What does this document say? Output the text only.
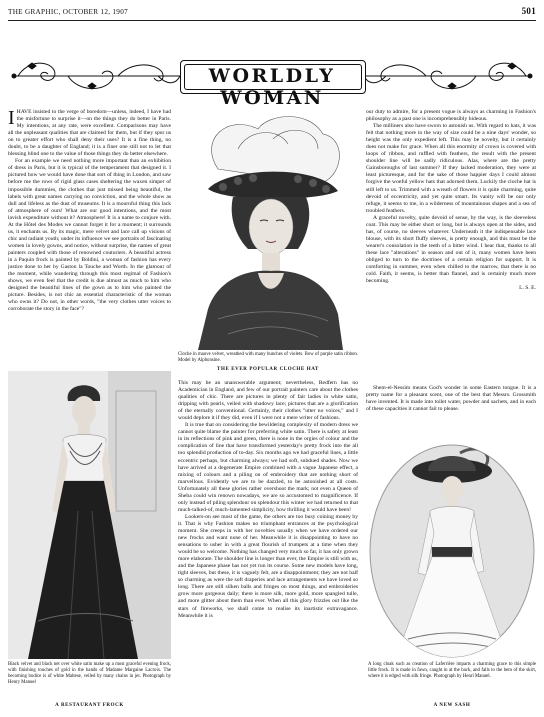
THE GRAPHIC, OCTOBER 12, 1907	501
WORLDLY WOMAN

IHAVE insisted to the verge of boredom—unless, indeed, I have had the misfortune to surprise it—on the things they do better in Paris. My intentions, at any rate, were excellent. Comparisons may have all the unpleasant qualities that are claimed for them, but if they spur us on to greater effort who shall deny their uses? It is a fine thing, no doubt, to be a daughter of England; it is a finer one still not to let that blessing blind one to the value of those things they do better elsewhere.

For an example we need nothing more important than an exhibition of dress in Paris, but it is typical of the temperament that designed it. I pictured how we would have done that sort of thing in London, and saw before me the rows of rigid glass cases sheltering the waxen simper of impossible dummies, the clothes that just missed being beautiful, the labels with great names carrying no conviction, and the whole show as dull and lifeless as the dust of museums. It is a mournful thing this lack of atmosphere of ours! What are our good intentions, and the most lavish expenditure without it? Atmosphere! It is a name to conjure with. At the Hôtel des Modes we cannot forget it for a moment; it surrounds us, it enchants us. By its magic, mere velvet and lace call up visions of chic and radiant youth; under its influence we see portraits of fascinating women in lovely gowns, and notice, without surprise, the names of great painters coupled with those of renowned couturiers. A beautiful actress in a Paquin frock is painted by Boldini, a woman of fashion has every justice done to her by Gaston la Touche and Worth. In the glamour of the moment, while wandering through this most regimal of Fashion's shows, we even feel that the credit is due almost as much to him who designed the beautiful lines of the gown as to him who painted the picture. Besides, is not chic an essential characteristic of the woman who owns it? Do not, in other words, "the very clothes utter voices to corroborate the story in the face"?

Cloche in mauve velvet, wreathed with many bunches of violets. Bow of purple satin ribbon. Model by Alphonsine.
THE EVER POPULAR CLOCHE HAT

our duty to admire, for a present vogue is always as charming in Fashion's philosophy as a past one is incomprehensibly hideous.

The milliners also have sworn to astonish us. With regard to hats, it was felt that nothing more in the way of size could be a nine days' wonder, so height was the only expedient left. This may be novelty, but it certainly does not make for grace. When all this enormity of crown is covered with loops of ribbon, and ruffled with feathers, the result with the present shoulder line will be sadly ridiculous. Alas, where are the pretty Gainsboroughs of last summer? If they lacked moderation, they were at least picturesque, and for the sake of those happier days I could almost forgive the woeful yellow hats that adorned them. Luckily the cloche hat is still left to us. Trimmed with a wreath of flowers it is quite charming, quite devoid of eccentricity, and yet quite smart. Its vanity will be our only refuge, it seems to me, in a wilderness of mountainous shapes and a sea of troubled feathers.

A graceful novelty, quite devoid of sense, by the way, is the sleeveless coat. This may be either short or long, but is always open at the sides, and has, of course, no sleeves whatever. Underneath it the indispensable lace blouse, with its short fluffy sleeves, is pretty enough, and this must be the wearer's consolation in the teeth of a bitter wind. I hear that, thanks to all these lace "alterations" in season and out of it, many women have been obliged to turn to the doctrines of a certain religion for support. It is comforting in summer, even when chilled to the marrow, that there is no cold. Faith, it seems, is better than flannel, and is certainly much more becoming.

L. S. E.
Black velvet and black net over white satin make up a most graceful evening frock, with finishing touches of gold in the hands of Madame Margaine Lacroix. The becoming bodice is of white Maltese, veiled by many chains in jet. Photograph by Henry Manuel
A RESTAURANT FROCK

This may be an unanswerable argument; nevertheless, Redfern has no Academician in England, and few of our portrait painters care about the clothes qualities of chic. There are pictures in plenty of fair ladies in white satin, dripping with pearls, veiled with shadowy lace; pictures that are a glorification of the eternally conventional. Certainly, their clothes "utter no voices," and I would deplore it if they did, even if I were not a mere writer of fashions.

It is true that on considering the bewildering complexity of modern dress we cannot quite blame the painter for preferring white satin. There is safety at least in its reflections of pink and green, there is none in the orgies of colour and the complication of line that have transformed yesterday's pretty frock into the all too splendid production of to-day. Six months ago we had graceful lines, a little eccentric perhaps, but charming always; we had soft, subdued shades. Now we have arrived at a degenerate Empire combined with a vague Japanese effect, a mixing of colours and a piling on of embroidery that are nothing short of marvellous. Evidently we are to be dazzled, to be astonished at all costs. Unfortunately all these glories rather overshoot the mark; not even a Queen of Sheba could win renown nowadays, we are so accustomed to magnificence. If only instead of piling splendour on splendour this winter we had returned to that much-talked-of, much-lamented simplicity, how thrilling it would have been!

Lookers-on see most of the game, the others are too busy coining money by it. That is why Fashion makes no triumphant entrances at the psychological moment. She creeps in with her novelties usually when we have ordered our new frocks and want none of her. Meanwhile it is disappointing to have no sensations to usher in with a great flourish of trumpets at a time when they would be so welcome. Nothing has changed very much so far, it has only grown more elaborate. The shoulder line is longer than ever, the Empire is still with us, and the Japanese phase has not yet run its course. Some new models have long, tight sleeves, but these, it is vaguely felt, are a disappointment; they are not half so charming as were the soft draperies and lace arrangements we have loved so long. There are still silken balls and fringes on most things, and embroideries grow more gorgeous daily; there is more silk, more gold, more spangled tulle, and more glitter about them than ever. When all this glory frizzles out like the stars of fireworks, we shall come to realise its inartistic extravagance. Meanwhile it is

Shem-el-Nessim means God's wonder in some Eastern tongue. It is a pretty name for a pleasant scent, one of the best that Messrs. Grossmith have invented. It is made into toilet water, powder and sachets, and in each of these capacities it cannot fail to please.

A long cloak such as creation of Laferrière imparts a charming grace to this simple little frock. It is made in fawn, caught in at the back, and falls to the hem of the skirt, where it is edged with silk fringe. Photograph by Henri Manuel.
A NEW SASH
